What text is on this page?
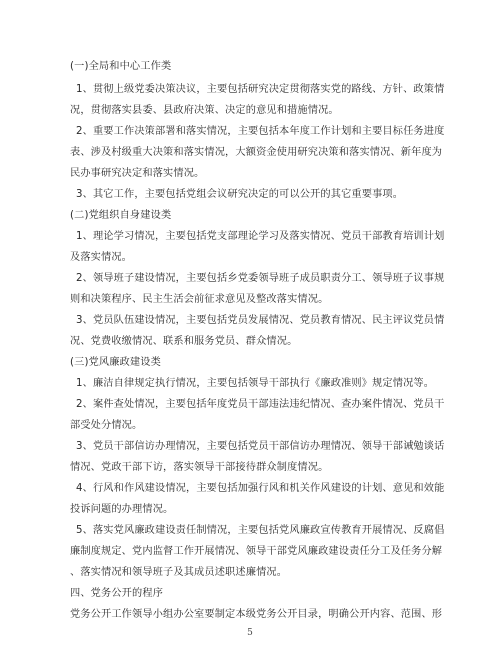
(一)全局和中心工作类
1、贯彻上级党委决策决议，主要包括研究决定贯彻落实党的路线、方针、政策情
况，贯彻落实县委、县政府决策、决定的意见和措施情况。
2、重要工作决策部署和落实情况，主要包括本年度工作计划和主要目标任务进度
表、涉及村级重大决策和落实情况，大额资金使用研究决策和落实情况、新年度为
民办事研究决定和落实情况。
3、其它工作，主要包括党组会议研究决定的可以公开的其它重要事项。
(二)党组织自身建设类
1、理论学习情况，主要包括党支部理论学习及落实情况、党员干部教育培训计划
及落实情况。
2、领导班子建设情况，主要包括乡党委领导班子成员职责分工、领导班子议事规
则和决策程序、民主生活会前征求意见及整改落实情况。
3、党员队伍建设情况，主要包括党员发展情况、党员教育情况、民主评议党员情
况、党费收缴情况、联系和服务党员、群众情况。
(三)党风廉政建设类
1、廉洁自律规定执行情况，主要包括领导干部执行《廉政准则》规定情况等。
2、案件查处情况，主要包括年度党员干部违法违纪情况、查办案件情况、党员干
部受处分情况。
3、党员干部信访办理情况，主要包括党员干部信访办理情况、领导干部诫勉谈话
情况、党政干部下访，落实领导干部接待群众制度情况。
4、行风和作风建设情况，主要包括加强行风和机关作风建设的计划、意见和效能
投诉问题的办理情况。
5、落实党风廉政建设责任制情况，主要包括党风廉政宣传教育开展情况、反腐倡
廉制度规定、党内监督工作开展情况、领导干部党风廉政建设责任分工及任务分解
、落实情况和领导班子及其成员述职述廉情况。
四、党务公开的程序
党务公开工作领导小组办公室要制定本级党务公开目录，明确公开内容、范围、形
5
